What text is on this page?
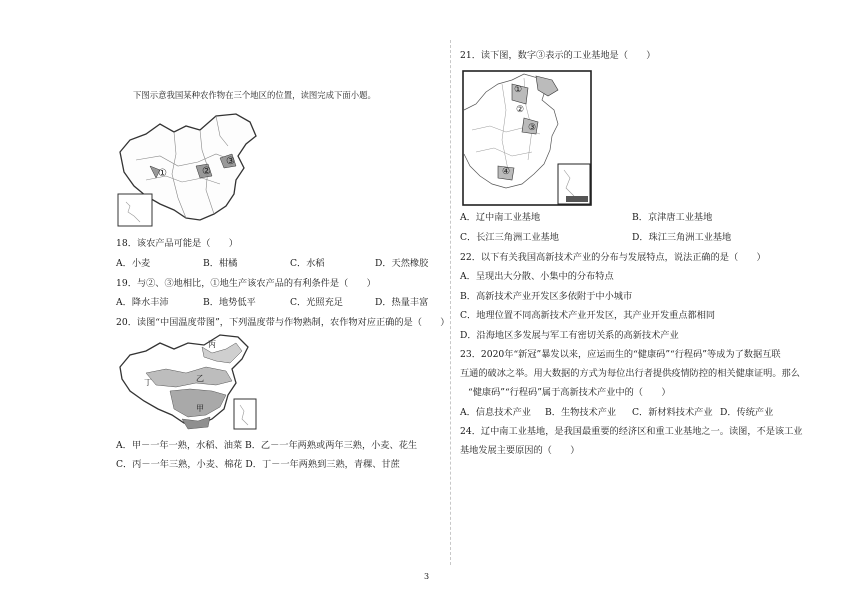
下图示意我国某种农作物在三个地区的位置，读图完成下面小题。
①	②
③
18．该农产品可能是（　　）
A．小麦	B．柑橘	C．水稻	D．天然橡胶
19．与②、③地相比，①地生产该农产品的有利条件是（　　）
A．降水丰沛	B．地势低平	C．光照充足	D．热量丰富
20．读图“中国温度带图”，下列温度带与作物熟制，农作物对应正确的是（　　）
丙
乙
丁
甲
A．甲－一年一熟，水稻、油菜 B．乙－一年两熟或两年三熟，小麦、花生
C．丙－一年三熟，小麦、棉花 D．丁－一年两熟到三熟，青稞、甘蔗
21．读下图，数字③表示的工业基地是（　　）
①
②
③
④
A．辽中南工业基地	B．京津唐工业基地
C．长江三角洲工业基地	D．珠江三角洲工业基地
22．以下有关我国高新技术产业的分布与发展特点，说法正确的是（　　）
A．呈现出大分散、小集中的分布特点
B．高新技术产业开发区多依附于中小城市
C．地理位置不同高新技术产业开发区，其产业开发重点都相同
D．沿海地区多发展与军工有密切关系的高新技术产业
23．2020年“新冠”暴发以来，应运而生的“健康码”“行程码”等成为了数据互联
互通的破冰之举。用大数据的方式为每位出行者提供疫情防控的相关健康证明。那么
“健康码”“行程码”属于高新技术产业中的（　　）
A．信息技术产业 B．生物技术产业 C．新材料技术产业 D．传统产业
24．辽中南工业基地，是我国最重要的经济区和重工业基地之一。读图，不是该工业
基地发展主要原因的（　　）
3
